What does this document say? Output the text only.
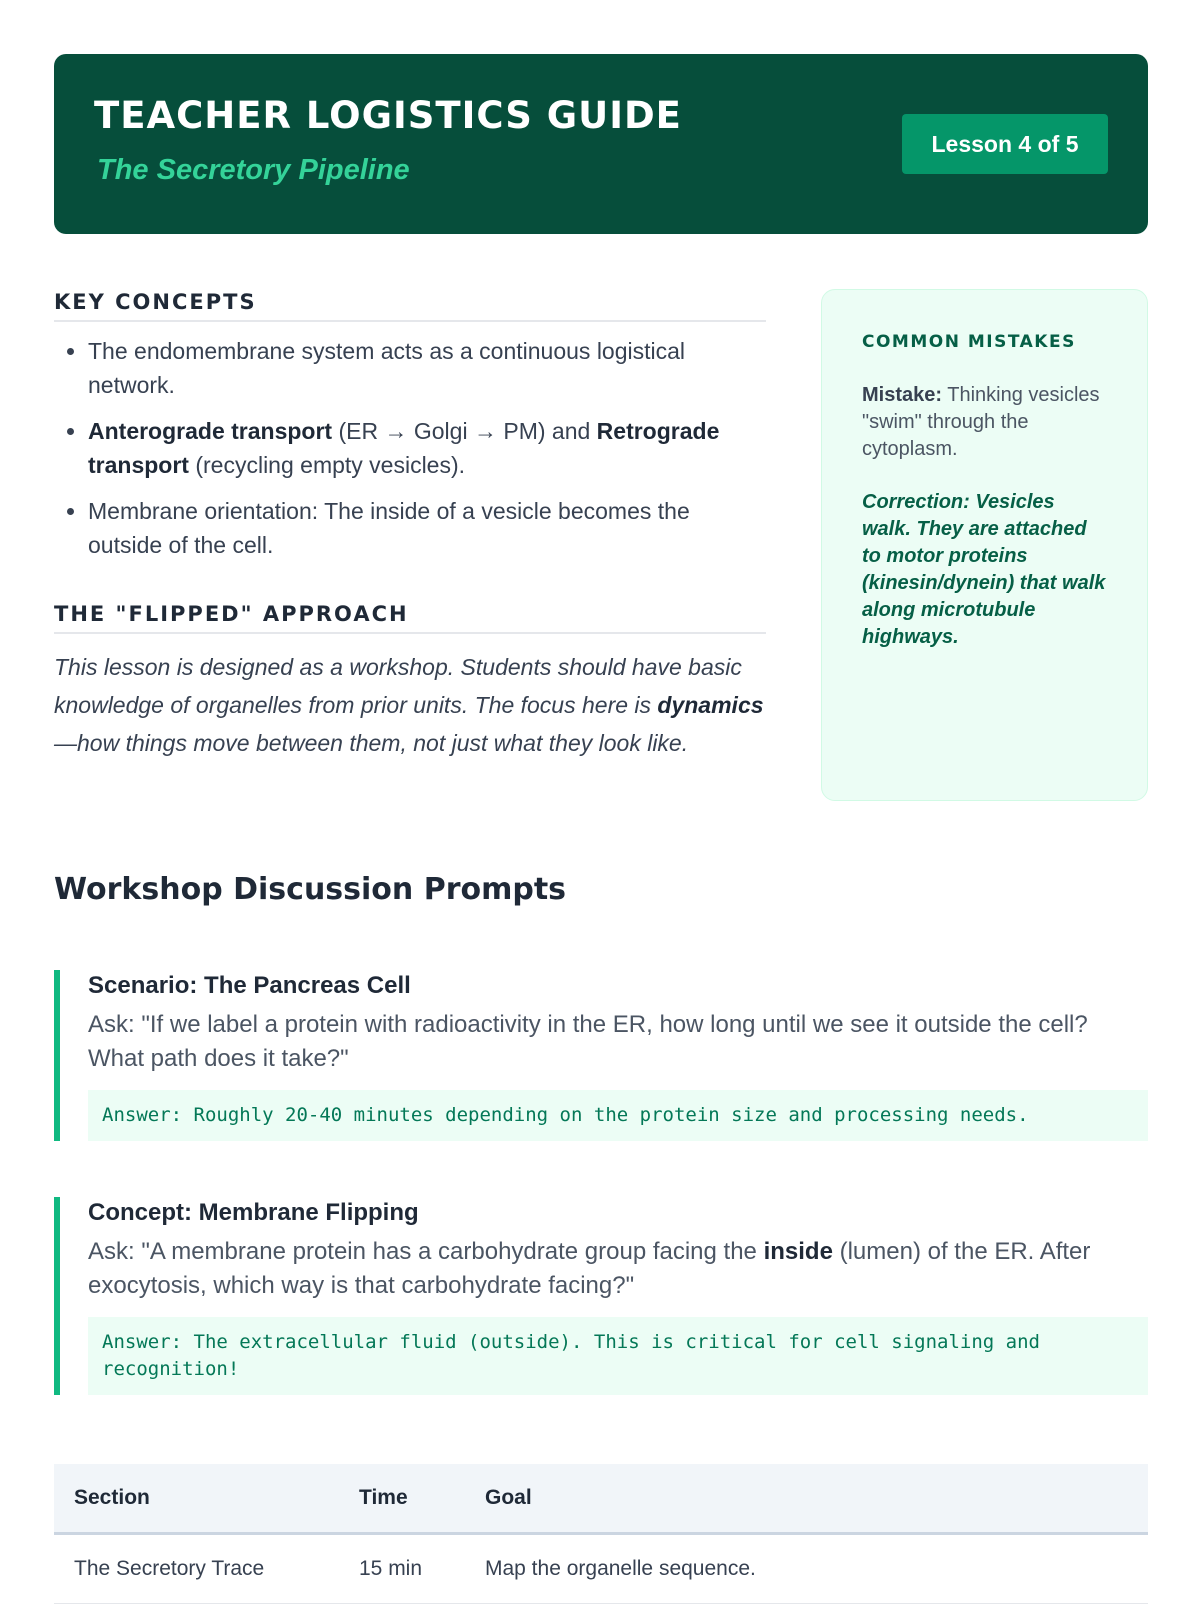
TEACHER LOGISTICS GUIDE
The Secretory Pipeline
Lesson 4 of 5
KEY CONCEPTS
• The endomembrane system acts as a continuous logistical network.
• Anterograde transport (ER → Golgi → PM) and Retrograde transport (recycling empty vesicles).
• Membrane orientation: The inside of a vesicle becomes the outside of the cell.
THE "FLIPPED" APPROACH

This lesson is designed as a workshop. Students should have basic knowledge of organelles from prior units. The focus here is dynamics—how things move between them, not just what they look like.

COMMON MISTAKES
Mistake: Thinking vesicles "swim" through the cytoplasm.
Correction: Vesicles walk. They are attached to motor proteins (kinesin/dynein) that walk along microtubule highways.
Workshop Discussion Prompts
Scenario: The Pancreas Cell
Ask: "If we label a protein with radioactivity in the ER, how long until we see it outside the cell? What path does it take?"
Answer: Roughly 20-40 minutes depending on the protein size and processing needs.
Concept: Membrane Flipping
Ask: "A membrane protein has a carbohydrate group facing the inside (lumen) of the ER. After exocytosis, which way is that carbohydrate facing?"
Answer: The extracellular fluid (outside). This is critical for cell signaling and recognition!
Section	Time	Goal
The Secretory Trace	15 min	Map the organelle sequence.
